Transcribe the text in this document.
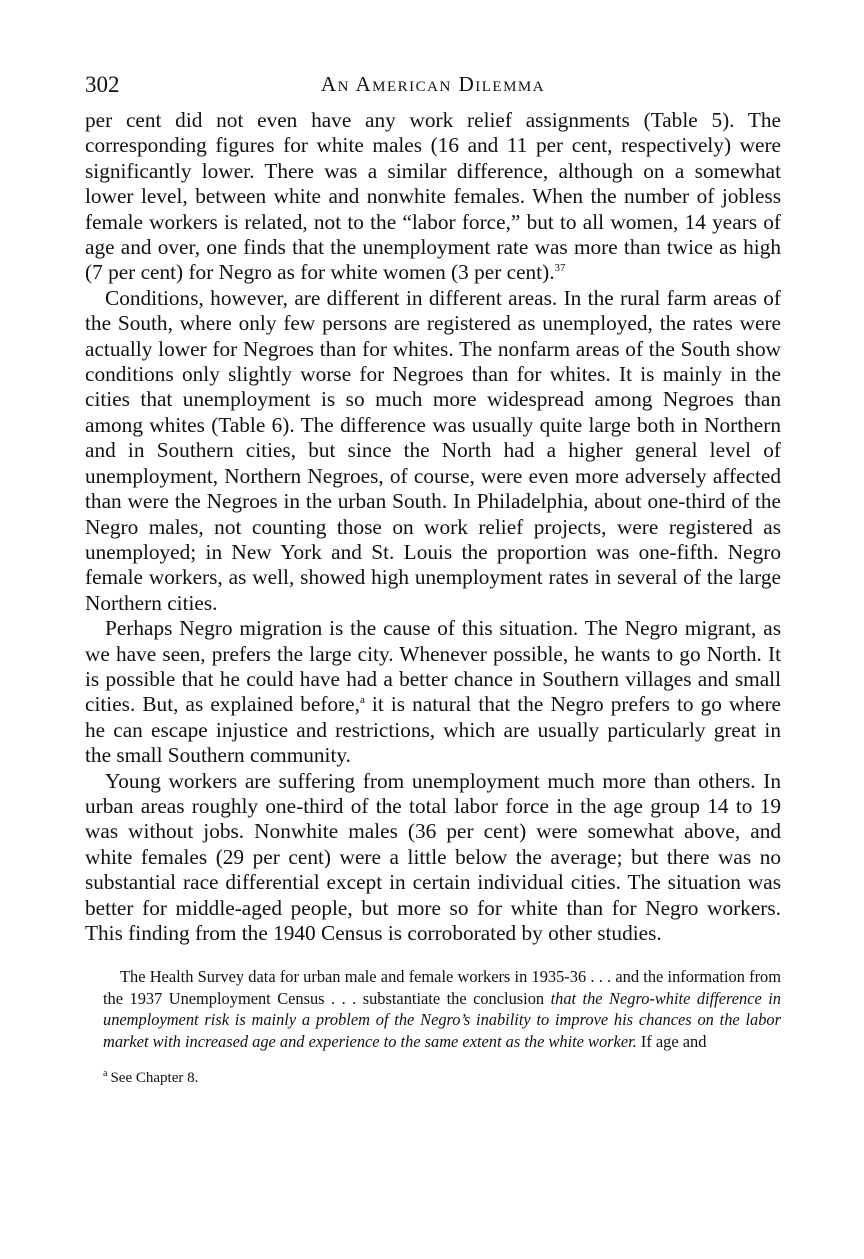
302	An American Dilemma

per cent did not even have any work relief assignments (Table 5). The corresponding figures for white males (16 and 11 per cent, respectively) were significantly lower. There was a similar difference, although on a somewhat lower level, between white and nonwhite females. When the number of jobless female workers is related, not to the “labor force,” but to all women, 14 years of age and over, one finds that the unemployment rate was more than twice as high (7 per cent) for Negro as for white women (3 per cent).$^{37}$

Conditions, however, are different in different areas. In the rural farm areas of the South, where only few persons are registered as unemployed, the rates were actually lower for Negroes than for whites. The nonfarm areas of the South show conditions only slightly worse for Negroes than for whites. It is mainly in the cities that unemployment is so much more widespread among Negroes than among whites (Table 6). The difference was usually quite large both in Northern and in Southern cities, but since the North had a higher general level of unemployment, Northern Negroes, of course, were even more adversely affected than were the Negroes in the urban South. In Philadelphia, about one-third of the Negro males, not counting those on work relief projects, were registered as unemployed; in New York and St. Louis the proportion was one-fifth. Negro female workers, as well, showed high unemployment rates in several of the large Northern cities.

Perhaps Negro migration is the cause of this situation. The Negro migrant, as we have seen, prefers the large city. Whenever possible, he wants to go North. It is possible that he could have had a better chance in Southern villages and small cities. But, as explained before,$^a$ it is natural that the Negro prefers to go where he can escape injustice and restrictions, which are usually particularly great in the small Southern community.

Young workers are suffering from unemployment much more than others. In urban areas roughly one-third of the total labor force in the age group 14 to 19 was without jobs. Nonwhite males (36 per cent) were somewhat above, and white females (29 per cent) were a little below the average; but there was no substantial race differential except in certain individual cities. The situation was better for middle-aged people, but more so for white than for Negro workers. This finding from the 1940 Census is corroborated by other studies.

The Health Survey data for urban male and female workers in 1935-36 . . . and the information from the 1937 Unemployment Census . . . substantiate the conclusion that the Negro-white difference in unemployment risk is mainly a problem of the Negro’s inability to improve his chances on the labor market with increased age and experience to the same extent as the white worker. If age and

$^a$ See Chapter 8.
